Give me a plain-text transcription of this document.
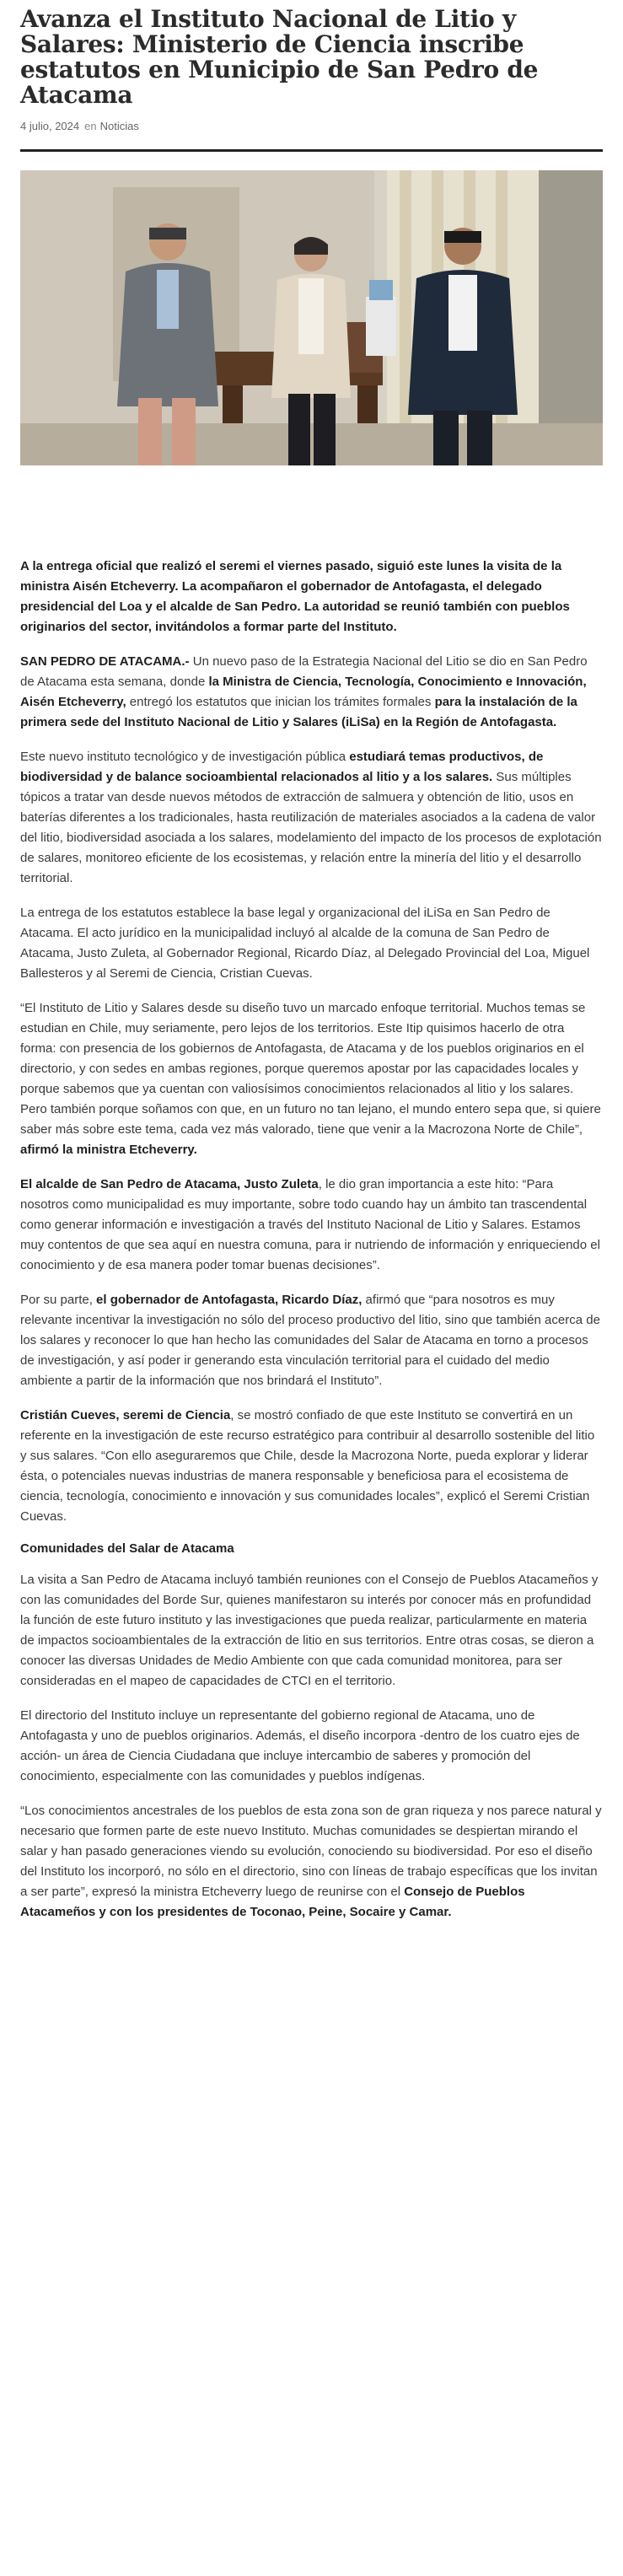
Avanza el Instituto Nacional de Litio y Salares: Ministerio de Ciencia inscribe estatutos en Municipio de San Pedro de Atacama
4 julio, 2024 en Noticias

A la entrega oficial que realizó el seremi el viernes pasado, siguió este lunes la visita de la ministra Aisén Etcheverry. La acompañaron el gobernador de Antofagasta, el delegado presidencial del Loa y el alcalde de San Pedro. La autoridad se reunió también con pueblos originarios del sector, invitándolos a formar parte del Instituto.

SAN PEDRO DE ATACAMA.- Un nuevo paso de la Estrategia Nacional del Litio se dio en San Pedro de Atacama esta semana, donde la Ministra de Ciencia, Tecnología, Conocimiento e Innovación, Aisén Etcheverry, entregó los estatutos que inician los trámites formales para la instalación de la primera sede del Instituto Nacional de Litio y Salares (iLiSa) en la Región de Antofagasta.

Este nuevo instituto tecnológico y de investigación pública estudiará temas productivos, de biodiversidad y de balance socioambiental relacionados al litio y a los salares. Sus múltiples tópicos a tratar van desde nuevos métodos de extracción de salmuera y obtención de litio, usos en baterías diferentes a los tradicionales, hasta reutilización de materiales asociados a la cadena de valor del litio, biodiversidad asociada a los salares, modelamiento del impacto de los procesos de explotación de salares, monitoreo eficiente de los ecosistemas, y relación entre la minería del litio y el desarrollo territorial.

La entrega de los estatutos establece la base legal y organizacional del iLiSa en San Pedro de Atacama. El acto jurídico en la municipalidad incluyó al alcalde de la comuna de San Pedro de Atacama, Justo Zuleta, al Gobernador Regional, Ricardo Díaz, al Delegado Provincial del Loa, Miguel Ballesteros y al Seremi de Ciencia, Cristian Cuevas.

“El Instituto de Litio y Salares desde su diseño tuvo un marcado enfoque territorial. Muchos temas se estudian en Chile, muy seriamente, pero lejos de los territorios. Este Itip quisimos hacerlo de otra forma: con presencia de los gobiernos de Antofagasta, de Atacama y de los pueblos originarios en el directorio, y con sedes en ambas regiones, porque queremos apostar por las capacidades locales y porque sabemos que ya cuentan con valiosísimos conocimientos relacionados al litio y los salares. Pero también porque soñamos con que, en un futuro no tan lejano, el mundo entero sepa que, si quiere saber más sobre este tema, cada vez más valorado, tiene que venir a la Macrozona Norte de Chile”, afirmó la ministra Etcheverry.

El alcalde de San Pedro de Atacama, Justo Zuleta, le dio gran importancia a este hito: “Para nosotros como municipalidad es muy importante, sobre todo cuando hay un ámbito tan trascendental como generar información e investigación a través del Instituto Nacional de Litio y Salares. Estamos muy contentos de que sea aquí en nuestra comuna, para ir nutriendo de información y enriqueciendo el conocimiento y de esa manera poder tomar buenas decisiones”.

Por su parte, el gobernador de Antofagasta, Ricardo Díaz, afirmó que “para nosotros es muy relevante incentivar la investigación no sólo del proceso productivo del litio, sino que también acerca de los salares y reconocer lo que han hecho las comunidades del Salar de Atacama en torno a procesos de investigación, y así poder ir generando esta vinculación territorial para el cuidado del medio ambiente a partir de la información que nos brindará el Instituto”.

Cristián Cueves, seremi de Ciencia, se mostró confiado de que este Instituto se convertirá en un referente en la investigación de este recurso estratégico para contribuir al desarrollo sostenible del litio y sus salares. “Con ello aseguraremos que Chile, desde la Macrozona Norte, pueda explorar y liderar ésta, o potenciales nuevas industrias de manera responsable y beneficiosa para el ecosistema de ciencia, tecnología, conocimiento e innovación y sus comunidades locales”, explicó el Seremi Cristian Cuevas.

Comunidades del Salar de Atacama

La visita a San Pedro de Atacama incluyó también reuniones con el Consejo de Pueblos Atacameños y con las comunidades del Borde Sur, quienes manifestaron su interés por conocer más en profundidad la función de este futuro instituto y las investigaciones que pueda realizar, particularmente en materia de impactos socioambientales de la extracción de litio en sus territorios. Entre otras cosas, se dieron a conocer las diversas Unidades de Medio Ambiente con que cada comunidad monitorea, para ser consideradas en el mapeo de capacidades de CTCI en el territorio.

El directorio del Instituto incluye un representante del gobierno regional de Atacama, uno de Antofagasta y uno de pueblos originarios. Además, el diseño incorpora -dentro de los cuatro ejes de acción- un área de Ciencia Ciudadana que incluye intercambio de saberes y promoción del conocimiento, especialmente con las comunidades y pueblos indígenas.

“Los conocimientos ancestrales de los pueblos de esta zona son de gran riqueza y nos parece natural y necesario que formen parte de este nuevo Instituto. Muchas comunidades se despiertan mirando el salar y han pasado generaciones viendo su evolución, conociendo su biodiversidad. Por eso el diseño del Instituto los incorporó, no sólo en el directorio, sino con líneas de trabajo específicas que los invitan a ser parte”, expresó la ministra Etcheverry luego de reunirse con el Consejo de Pueblos Atacameños y con los presidentes de Toconao, Peine, Socaire y Camar.
